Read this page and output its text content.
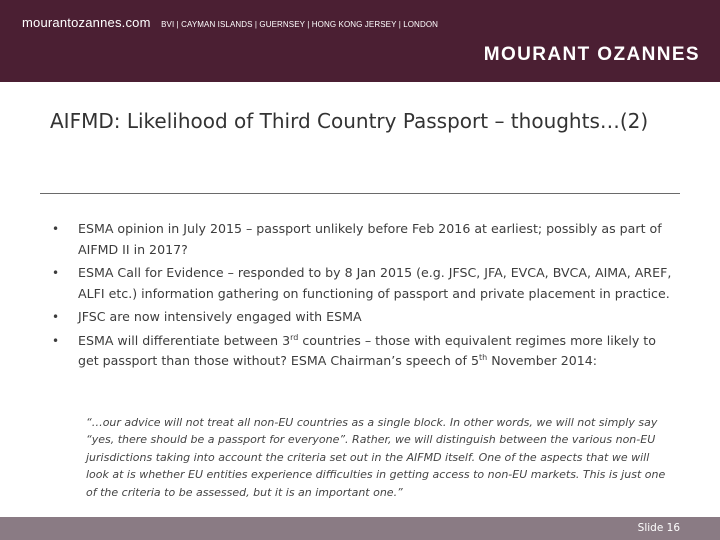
mourantozannes.com BVI | CAYMAN ISLANDS | GUERNSEY | HONG KONG JERSEY | LONDON
MOURANT OZANNES
AIFMD: Likelihood of Third Country Passport – thoughts…(2)
• ESMA opinion in July 2015 – passport unlikely before Feb 2016 at earliest; possibly as part of AIFMD II in 2017?
• ESMA Call for Evidence – responded to by 8 Jan 2015 (e.g. JFSC, JFA, EVCA, BVCA, AIMA, AREF, ALFI etc.) information gathering on functioning of passport and private placement in practice.
• JFSC are now intensively engaged with ESMA
• ESMA will differentiate between 3rd countries – those with equivalent regimes more likely to get passport than those without? ESMA Chairman’s speech of 5th November 2014:
“…our advice will not treat all non-EU countries as a single block. In other words, we will not simply say “yes, there should be a passport for everyone”. Rather, we will distinguish between the various non-EU jurisdictions taking into account the criteria set out in the AIFMD itself. One of the aspects that we will look at is whether EU entities experience difficulties in getting access to non-EU markets. This is just one of the criteria to be assessed, but it is an important one.”
Slide 16
